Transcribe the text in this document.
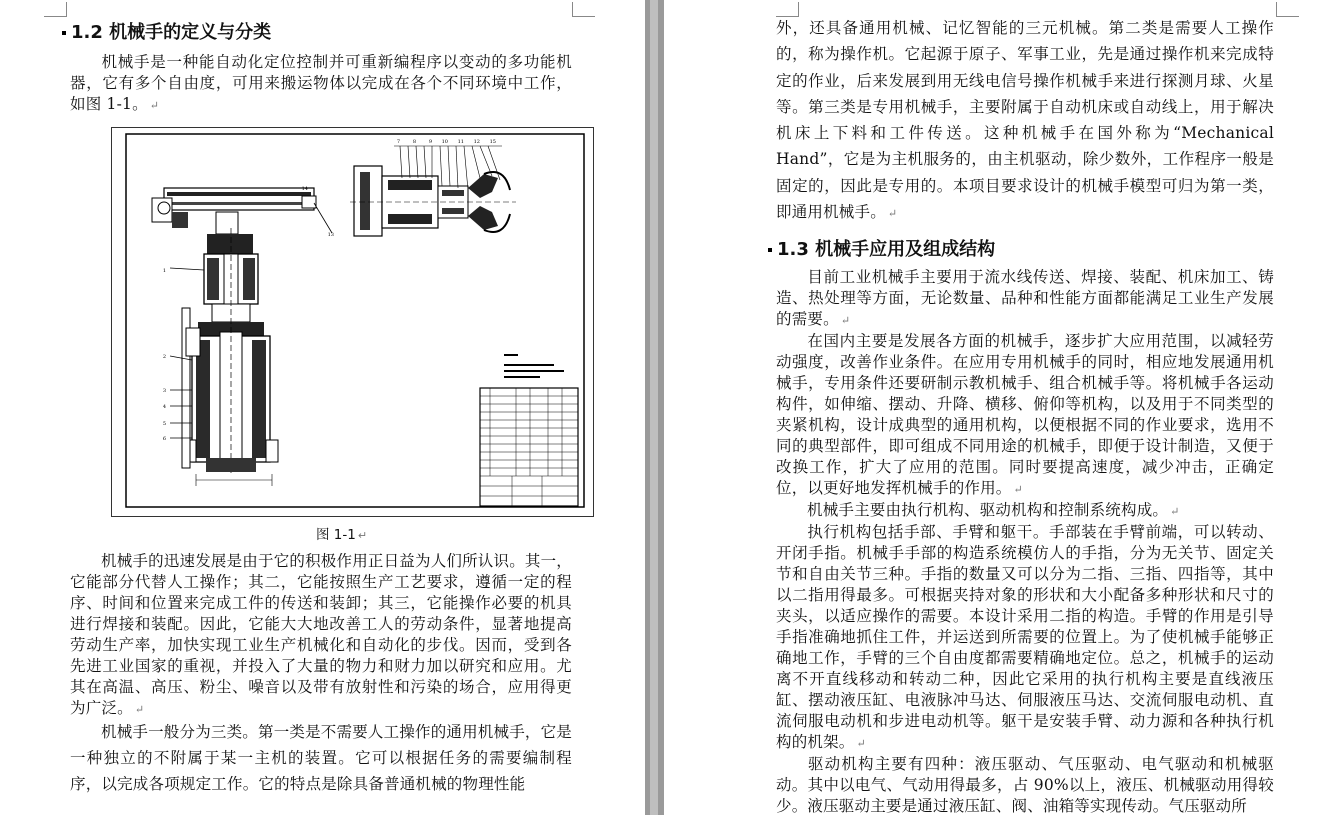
1.2 机械手的定义与分类
机械手是一种能自动化定位控制并可重新编程序以变动的多功能机器，它有多个自由度，可用来搬运物体以完成在各个不同环境中工作，如图 1-1。 ↵
1
2
3
4
5
6
7	8	9 10 11 12
13
14
15
图 1-1 ↵
机械手的迅速发展是由于它的积极作用正日益为人们所认识。其一，它能部分代替人工操作；其二，它能按照生产工艺要求，遵循一定的程序、时间和位置来完成工件的传送和装卸；其三，它能操作必要的机具进行焊接和装配。因此，它能大大地改善工人的劳动条件，显著地提高劳动生产率，加快实现工业生产机械化和自动化的步伐。因而，受到各先进工业国家的重视，并投入了大量的物力和财力加以研究和应用。尤其在高温、高压、粉尘、噪音以及带有放射性和污染的场合，应用得更为广泛。 ↵
机械手一般分为三类。第一类是不需要人工操作的通用机械手，它是一种独立的不附属于某一主机的装置。它可以根据任务的需要编制程序，以完成各项规定工作。它的特点是除具备普通机械的物理性能
外，还具备通用机械、记忆智能的三元机械。第二类是需要人工操作的，称为操作机。它起源于原子、军事工业，先是通过操作机来完成特定的作业，后来发展到用无线电信号操作机械手来进行探测月球、火星等。第三类是专用机械手，主要附属于自动机床或自动线上，用于解决机床上下料和工件传送。这种机械手在国外称为“Mechanical Hand”，它是为主机服务的，由主机驱动，除少数外，工作程序一般是固定的，因此是专用的。本项目要求设计的机械手模型可归为第一类，即通用机械手。 ↵
1.3 机械手应用及组成结构
目前工业机械手主要用于流水线传送、焊接、装配、机床加工、铸造、热处理等方面，无论数量、品种和性能方面都能满足工业生产发展的需要。 ↵
在国内主要是发展各方面的机械手，逐步扩大应用范围，以减轻劳动强度，改善作业条件。在应用专用机械手的同时，相应地发展通用机械手，专用条件还要研制示教机械手、组合机械手等。将机械手各运动构件，如伸缩、摆动、升降、横移、俯仰等机构，以及用于不同类型的夹紧机构，设计成典型的通用机构，以便根据不同的作业要求，选用不同的典型部件，即可组成不同用途的机械手，即便于设计制造，又便于改换工作，扩大了应用的范围。同时要提高速度，减少冲击，正确定位，以更好地发挥机械手的作用。 ↵
机械手主要由执行机构、驱动机构和控制系统构成。 ↵
执行机构包括手部、手臂和躯干。手部装在手臂前端，可以转动、开闭手指。机械手手部的构造系统模仿人的手指，分为无关节、固定关节和自由关节三种。手指的数量又可以分为二指、三指、四指等，其中以二指用得最多。可根据夹持对象的形状和大小配备多种形状和尺寸的夹头，以适应操作的需要。本设计采用二指的构造。手臂的作用是引导手指准确地抓住工件，并运送到所需要的位置上。为了使机械手能够正确地工作，手臂的三个自由度都需要精确地定位。总之，机械手的运动离不开直线移动和转动二种，因此它采用的执行机构主要是直线液压缸、摆动液压缸、电液脉冲马达、伺服液压马达、交流伺服电动机、直流伺服电动机和步进电动机等。躯干是安装手臂、动力源和各种执行机构的机架。 ↵
驱动机构主要有四种：液压驱动、气压驱动、电气驱动和机械驱动。其中以电气、气动用得最多，占 90%以上，液压、机械驱动用得较少。液压驱动主要是通过液压缸、阀、油箱等实现传动。气压驱动所
